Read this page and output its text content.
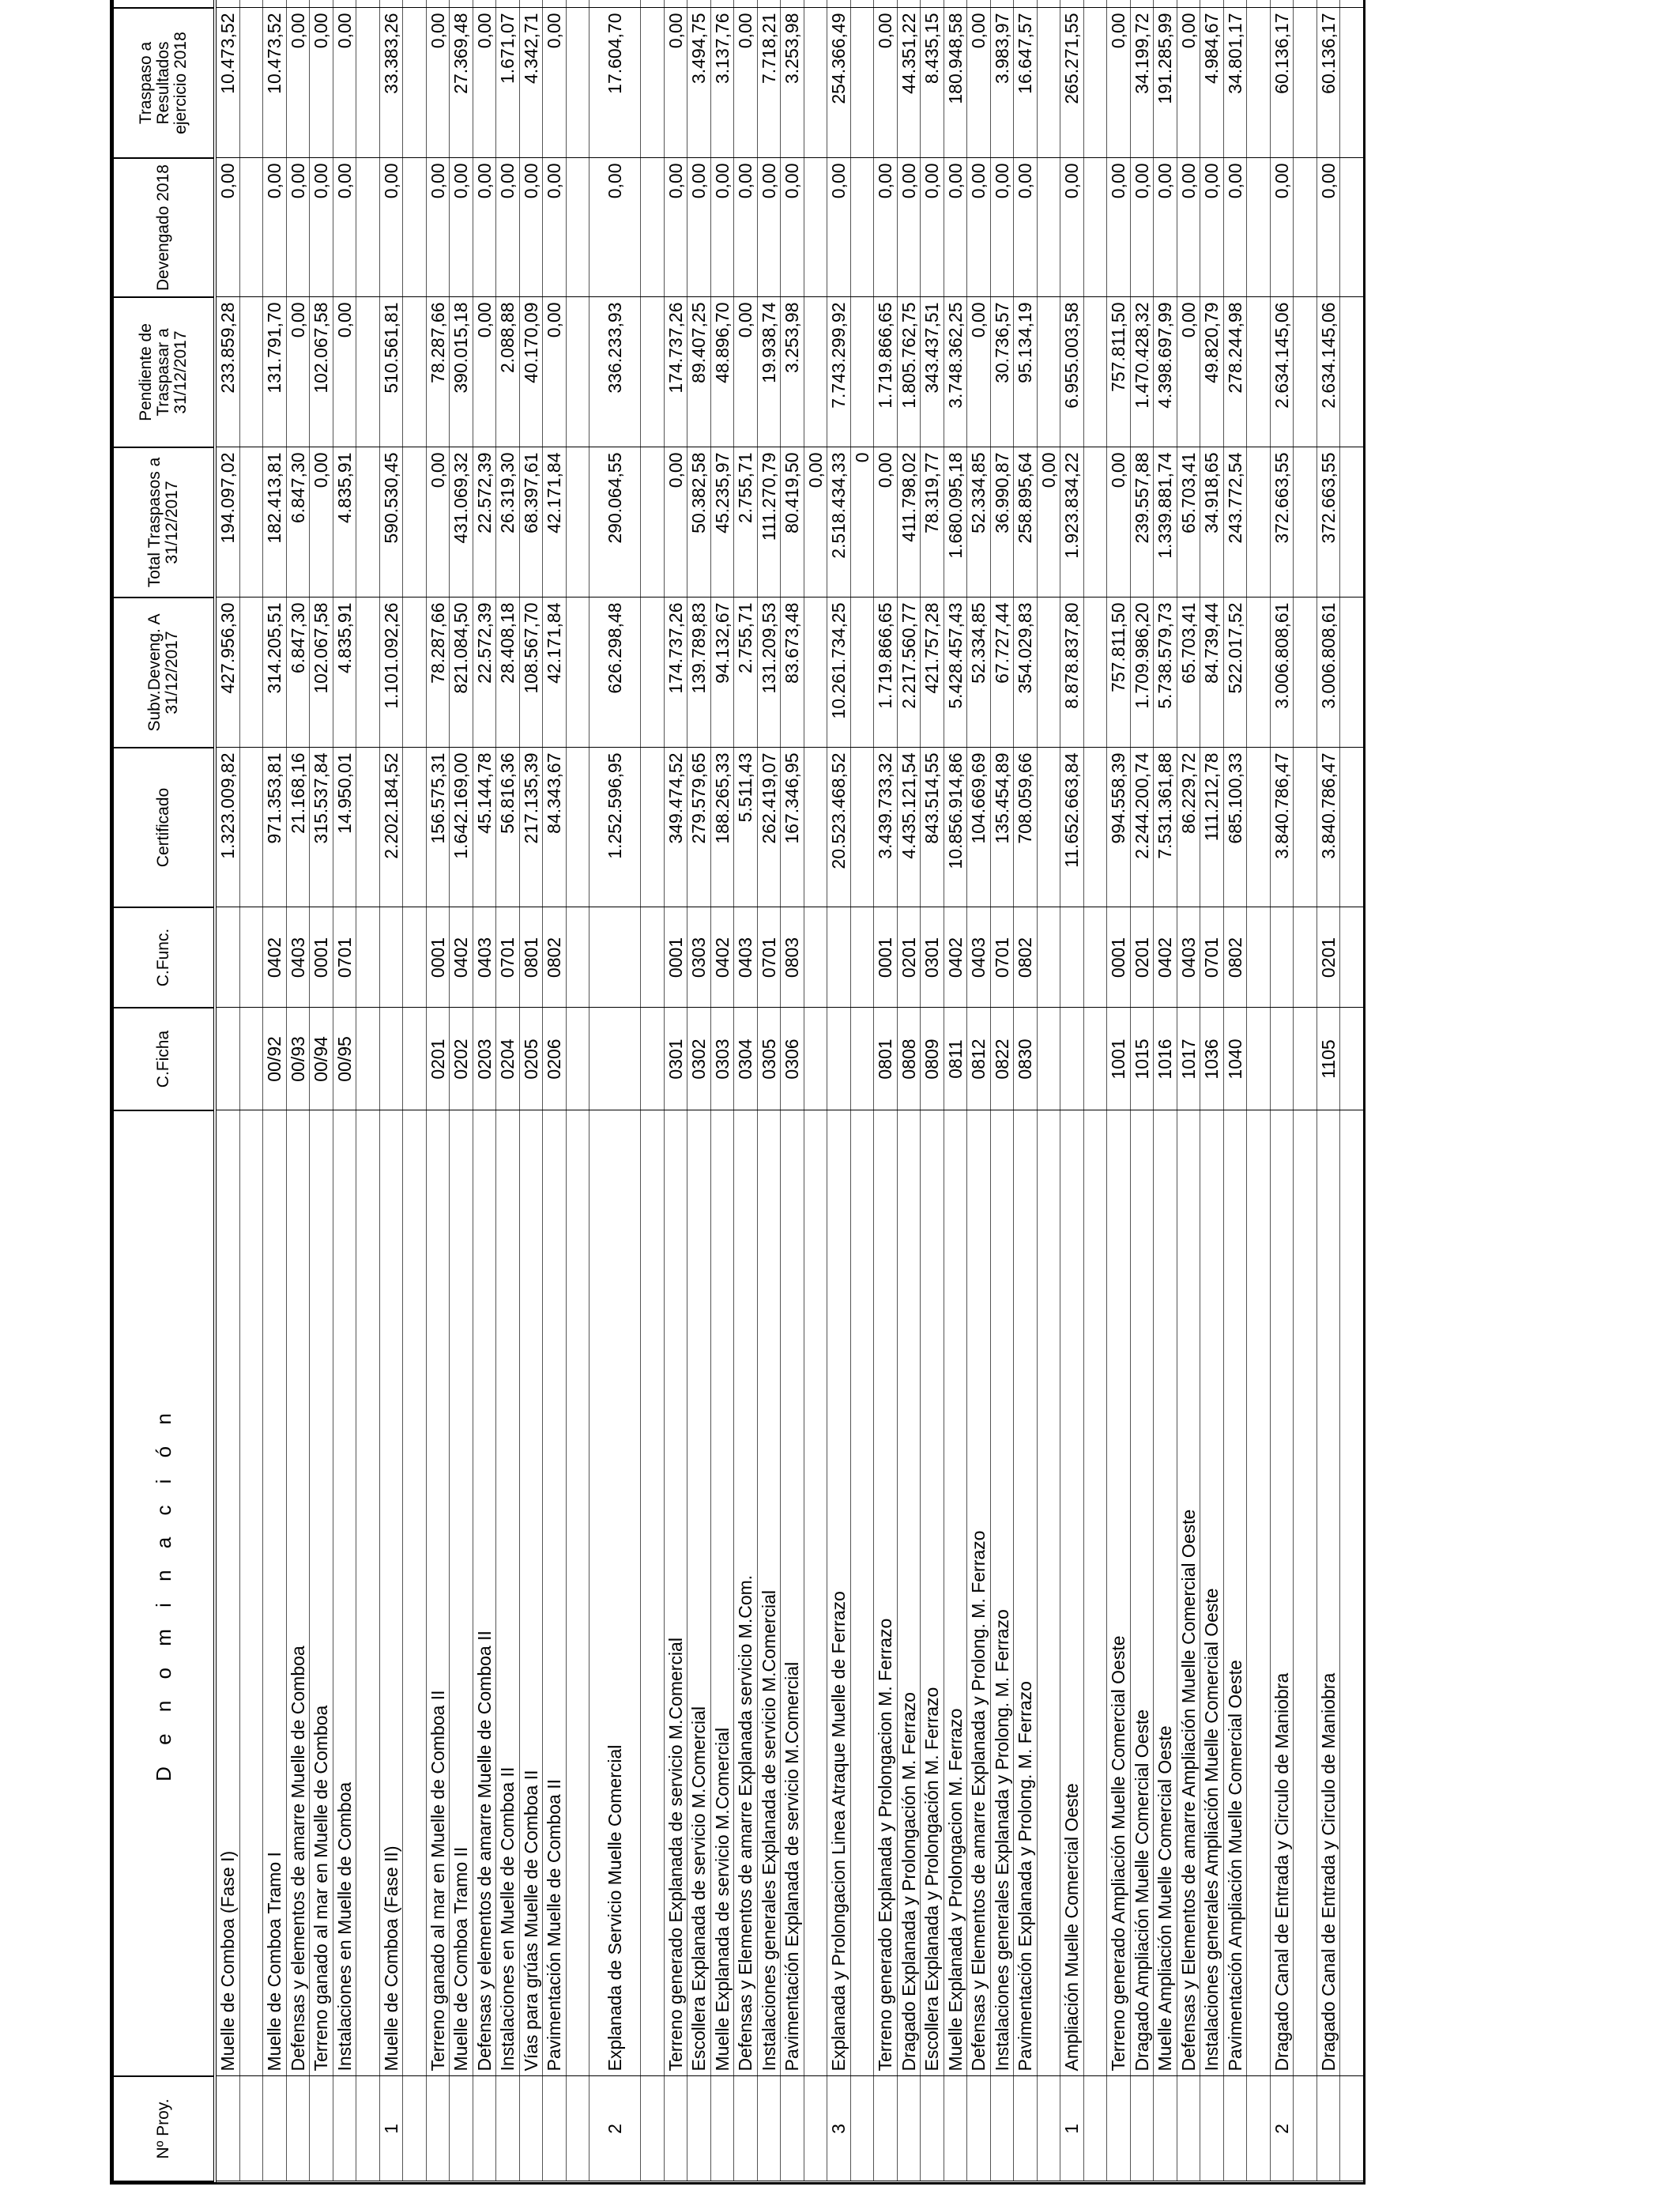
Nº Proy.	D e n o m i n a c i ó n	C.Ficha	C.Func.	Certificado	Subv.Deveng. A 31/12/2017	Total Traspasos a 31/12/2017	Pendiente de Traspasar a 31/12/2017	Devengado 2018	Traspaso a Resultados ejercicio 2018	
	Muelle de Comboa (Fase I)			1.323.009,82	427.956,30	194.097,02	233.859,28	0,00	10.473,52	

	Muelle de Comboa Tramo I	00/92	0402	971.353,81	314.205,51	182.413,81	131.791,70	0,00	10.473,52	
	Defensas y elementos de amarre Muelle de Comboa	00/93	0403	21.168,16	6.847,30	6.847,30	0,00	0,00	0,00	
	Terreno ganado al mar en Muelle de Comboa	00/94	0001	315.537,84	102.067,58	0,00	102.067,58	0,00	0,00	
	Instalaciones en Muelle de Comboa	00/95	0701	14.950,01	4.835,91	4.835,91	0,00	0,00	0,00	

1	Muelle de Comboa (Fase II)			2.202.184,52	1.101.092,26	590.530,45	510.561,81	0,00	33.383,26	

	Terreno ganado al mar en Muelle de Comboa II	0201	0001	156.575,31	78.287,66	0,00	78.287,66	0,00	0,00	
	Muelle de Comboa Tramo II	0202	0402	1.642.169,00	821.084,50	431.069,32	390.015,18	0,00	27.369,48	
	Defensas y elementos de amarre Muelle de Comboa II	0203	0403	45.144,78	22.572,39	22.572,39	0,00	0,00	0,00	
	Instalaciones en Muelle de Comboa II	0204	0701	56.816,36	28.408,18	26.319,30	2.088,88	0,00	1.671,07	
	Vías para grúas Muelle de Comboa II	0205	0801	217.135,39	108.567,70	68.397,61	40.170,09	0,00	4.342,71	
	Pavimentación Muelle de Comboa II	0206	0802	84.343,67	42.171,84	42.171,84	0,00	0,00	0,00	

2	Explanada de Servicio Muelle Comercial			1.252.596,95	626.298,48	290.064,55	336.233,93	0,00	17.604,70	

	Terreno generado Explanada de servicio M.Comercial	0301	0001	349.474,52	174.737,26	0,00	174.737,26	0,00	0,00	
	Escollera Explanada de servicio M.Comercial	0302	0303	279.579,65	139.789,83	50.382,58	89.407,25	0,00	3.494,75	
	Muelle Explanada de servicio M.Comercial	0303	0402	188.265,33	94.132,67	45.235,97	48.896,70	0,00	3.137,76	
	Defensas y Elementos de amarre Explanada servicio M.Com.	0304	0403	5.511,43	2.755,71	2.755,71	0,00	0,00	0,00	
	Instalaciones generales Explanada de servicio M.Comercial	0305	0701	262.419,07	131.209,53	111.270,79	19.938,74	0,00	7.718,21	
	Pavimentación Explanada de servicio M.Comercial	0306	0803	167.346,95	83.673,48	80.419,50	3.253,98	0,00	3.253,98	
						0,00				
3	Explanada y Prolongacion Linea Atraque Muelle de Ferrazo			20.523.468,52	10.261.734,25	2.518.434,33	7.743.299,92	0,00	254.366,49	
						0				
	Terreno generado Explanada y Prolongacion M. Ferrazo	0801	0001	3.439.733,32	1.719.866,65	0,00	1.719.866,65	0,00	0,00	
	Dragado Explanada y Prolongación M. Ferrazo	0808	0201	4.435.121,54	2.217.560,77	411.798,02	1.805.762,75	0,00	44.351,22	
	Escollera Explanada y Prolongación M. Ferrazo	0809	0301	843.514,55	421.757,28	78.319,77	343.437,51	0,00	8.435,15	
	Muelle Explanada y Prolongacion M. Ferrazo	0811	0402	10.856.914,86	5.428.457,43	1.680.095,18	3.748.362,25	0,00	180.948,58	
	Defensas y Elementos de amarre Explanada y Prolong. M. Ferrazo	0812	0403	104.669,69	52.334,85	52.334,85	0,00	0,00	0,00	
	Instalaciones generales Explanada y Prolong. M. Ferrazo	0822	0701	135.454,89	67.727,44	36.990,87	30.736,57	0,00	3.983,97	
	Pavimentación Explanada y Prolong. M. Ferrazo	0830	0802	708.059,66	354.029,83	258.895,64	95.134,19	0,00	16.647,57	
						0,00				
1	Ampliación Muelle Comercial Oeste			11.652.663,84	8.878.837,80	1.923.834,22	6.955.003,58	0,00	265.271,55	

	Terreno generado Ampliación Muelle Comercial Oeste	1001	0001	994.558,39	757.811,50	0,00	757.811,50	0,00	0,00	
	Dragado Ampliación Muelle Comercial Oeste	1015	0201	2.244.200,74	1.709.986,20	239.557,88	1.470.428,32	0,00	34.199,72	
	Muelle Ampliación Muelle Comercial Oeste	1016	0402	7.531.361,88	5.738.579,73	1.339.881,74	4.398.697,99	0,00	191.285,99	
	Defensas y Elementos de amarre Ampliación Muelle Comercial Oeste	1017	0403	86.229,72	65.703,41	65.703,41	0,00	0,00	0,00	
	Instalaciones generales Ampliación Muelle Comercial Oeste	1036	0701	111.212,78	84.739,44	34.918,65	49.820,79	0,00	4.984,67	
	Pavimentación Ampliación Muelle Comercial Oeste	1040	0802	685.100,33	522.017,52	243.772,54	278.244,98	0,00	34.801,17	

2	Dragado Canal de Entrada y Circulo de Maniobra			3.840.786,47	3.006.808,61	372.663,55	2.634.145,06	0,00	60.136,17	

	Dragado Canal de Entrada y Circulo de Maniobra	1105	0201	3.840.786,47	3.006.808,61	372.663,55	2.634.145,06	0,00	60.136,17	
